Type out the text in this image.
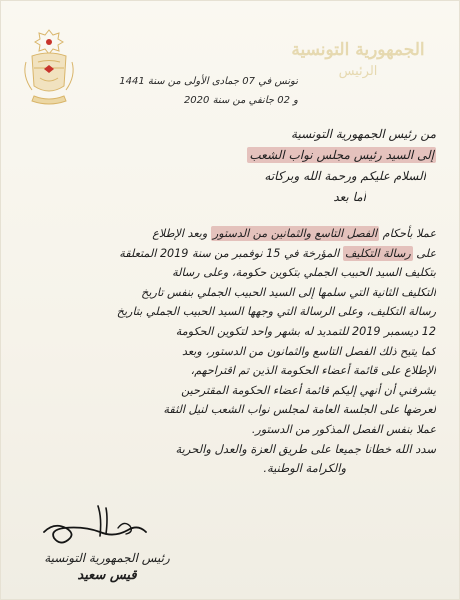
الجمهورية التونسية
الرئيس
تونس في 07 جمادى الأولى من سنة 1441
و 02 جانفي من سنة 2020
من رئيس الجمهورية التونسية
إلى السيد رئيس مجلس نواب الشعب
السلام عليكم ورحمة الله وبركاته
أما بعد
عملا بأحكام الفصل التاسع والثمانين من الدستور وبعد الإطلاع
على رسالة التكليف المؤرخة في 15 نوفمبر من سنة 2019 المتعلقة
بتكليف السيد الحبيب الجملي بتكوين حكومة، وعلى رسالة
التكليف الثانية التي سلمها إلى السيد الحبيب الجملي بنفس تاريخ
رسالة التكليف، وعلى الرسالة التي وجهها السيد الحبيب الجملي بتاريخ
12 ديسمبر 2019 للتمديد له بشهر واحد لتكوين الحكومة
كما يتيح ذلك الفصل التاسع والثمانون من الدستور، وبعد
الإطلاع على قائمة أعضاء الحكومة الذين تم اقتراحهم،
يشرفني أن أنهي إليكم قائمة أعضاء الحكومة المقترحين
لعرضها على الجلسة العامة لمجلس نواب الشعب لنيل الثقة
عملا بنفس الفصل المذكور من الدستور.
سدد الله خطانا جميعا على طريق العزة والعدل والحرية
والكرامة الوطنية.
رئيس الجمهورية التونسية
قيس سعيد
